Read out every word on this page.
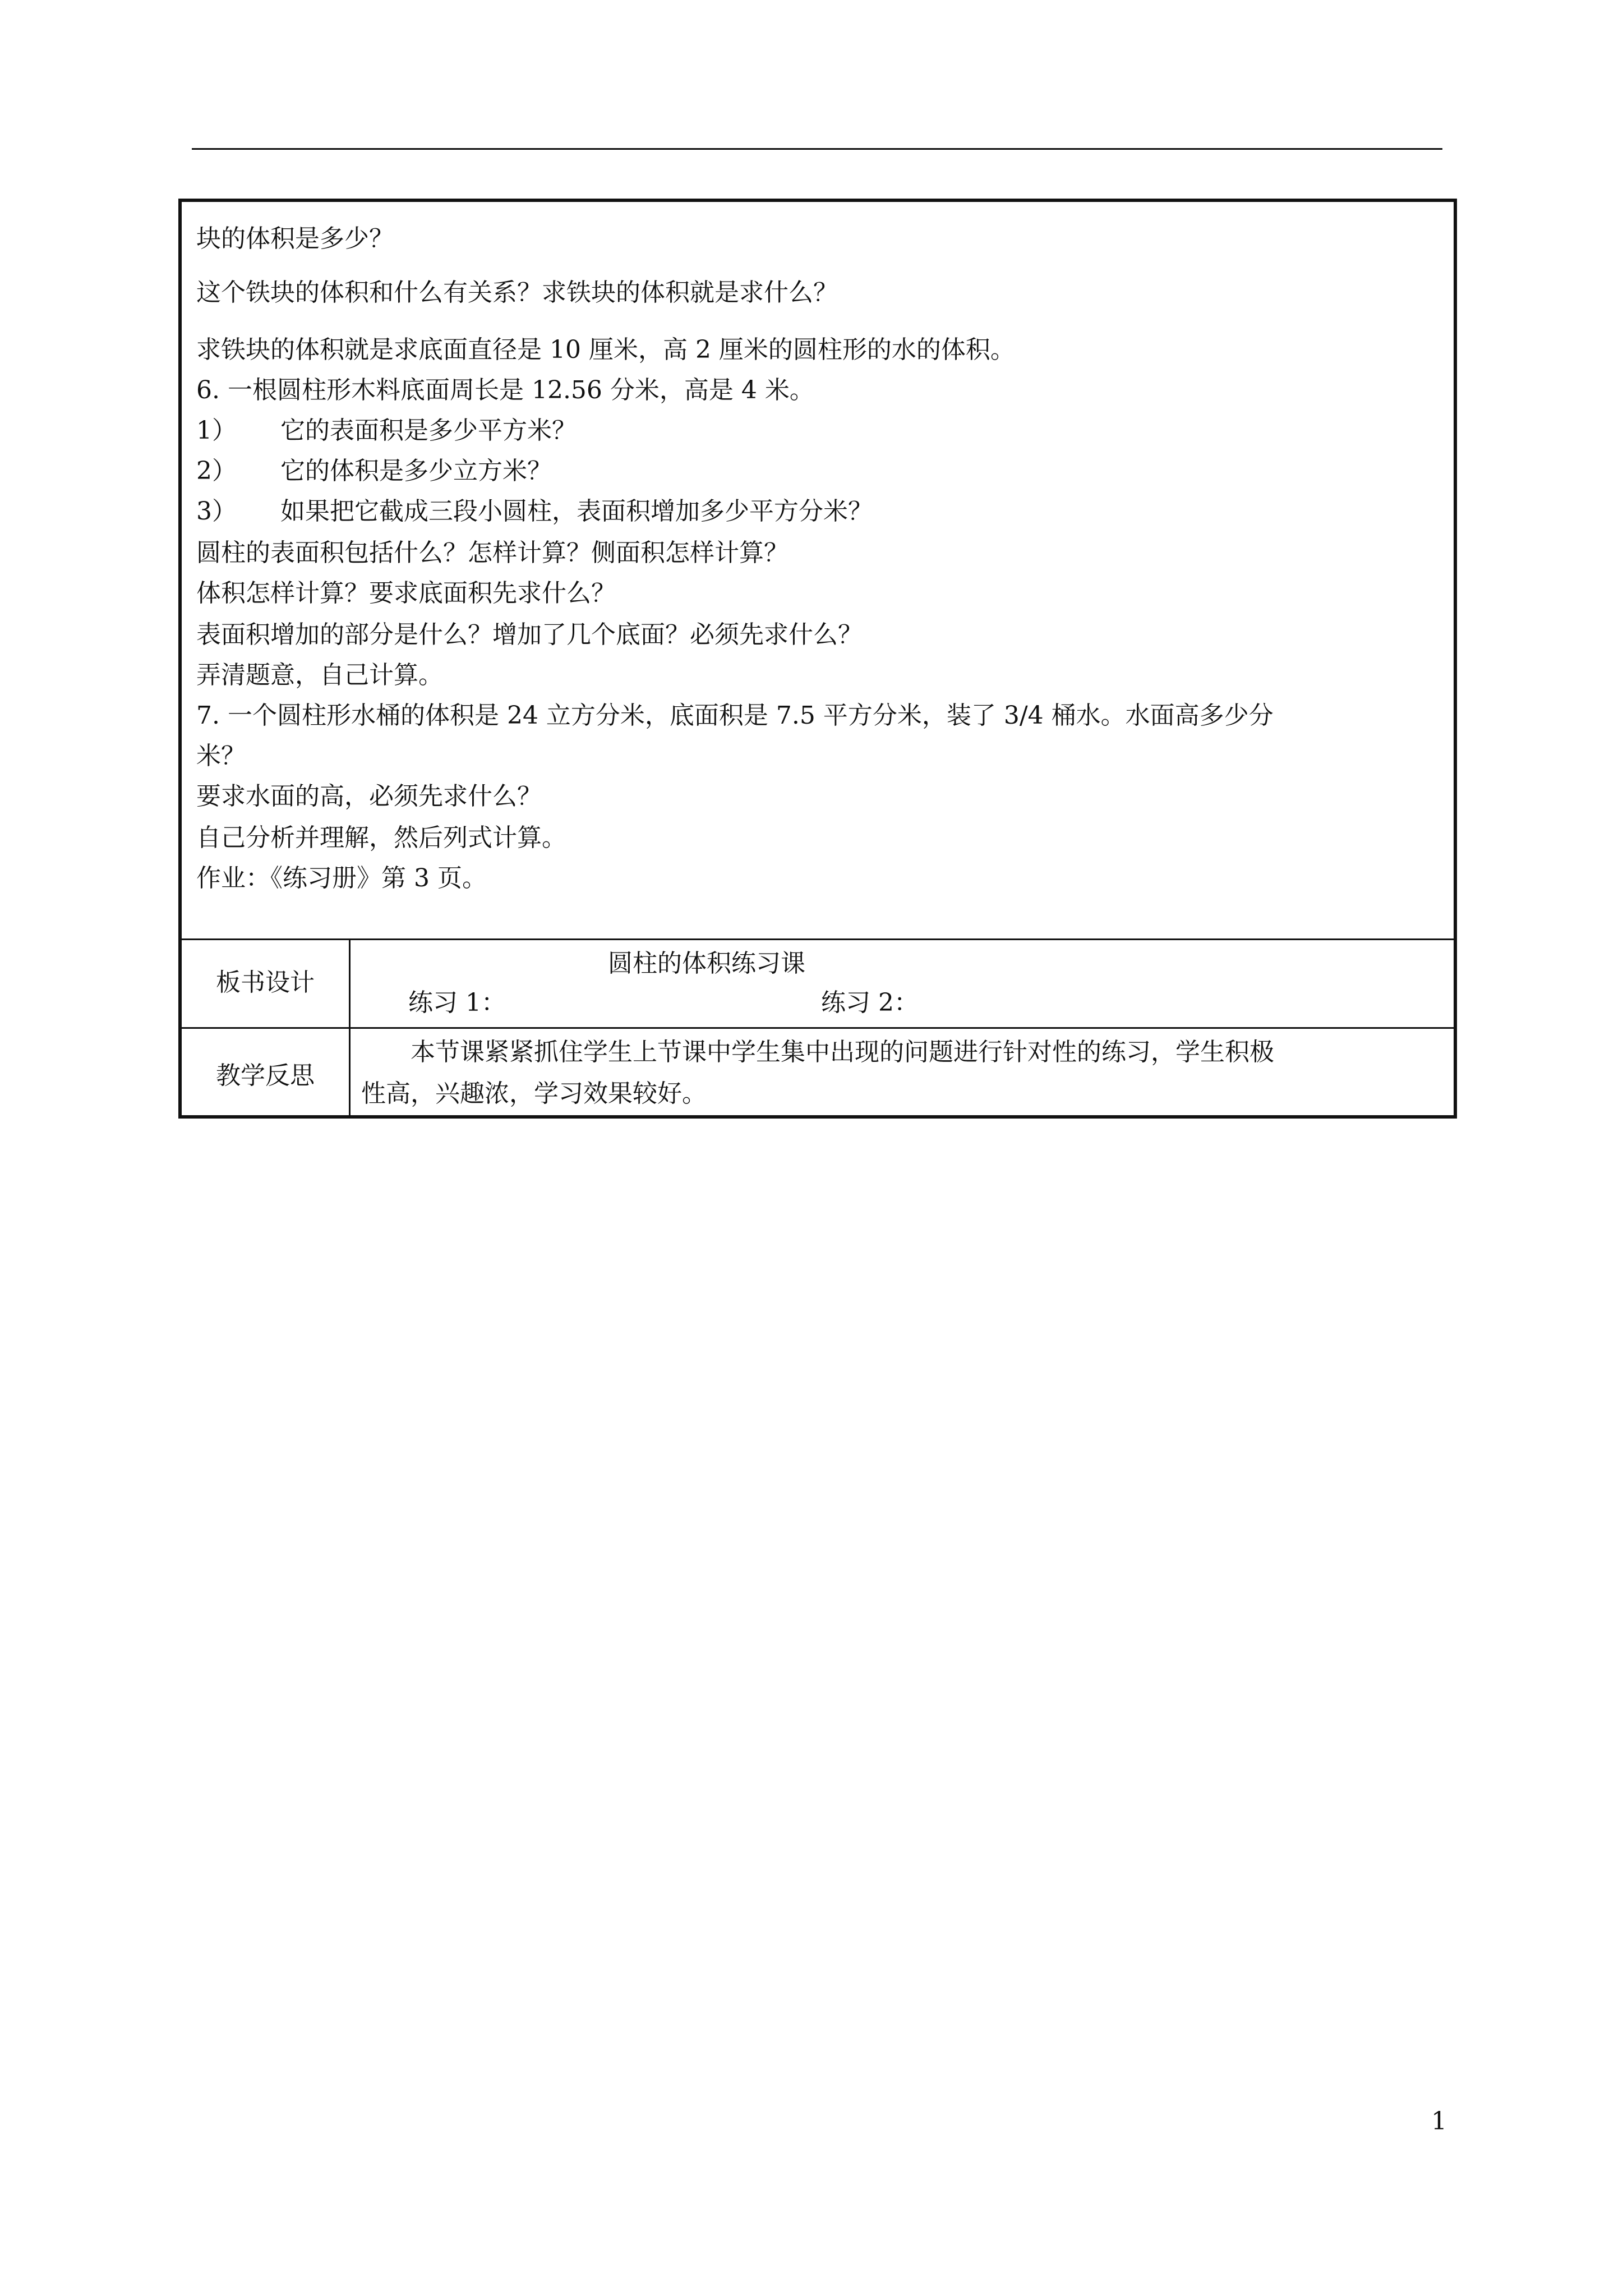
块的体积是多少？
这个铁块的体积和什么有关系？求铁块的体积就是求什么？
求铁块的体积就是求底面直径是 10 厘米，高 2 厘米的圆柱形的水的体积。
6. 一根圆柱形木料底面周长是 12.56 分米，高是 4 米。
1） 它的表面积是多少平方米？
2） 它的体积是多少立方米？
3） 如果把它截成三段小圆柱，表面积增加多少平方分米？
圆柱的表面积包括什么？怎样计算？侧面积怎样计算？
体积怎样计算？要求底面积先求什么？
表面积增加的部分是什么？增加了几个底面？必须先求什么？
弄清题意，自己计算。
7. 一个圆柱形水桶的体积是 24 立方分米，底面积是 7.5 平方分米，装了 3/4 桶水。水面高多少分
米？
要求水面的高，必须先求什么？
自己分析并理解，然后列式计算。
作业：《练习册》第 3 页。
板书设计
圆柱的体积练习课
练习 1：	练习 2：
教学反思
本节课紧紧抓住学生上节课中学生集中出现的问题进行针对性的练习，学生积极
性高，兴趣浓，学习效果较好。
1
